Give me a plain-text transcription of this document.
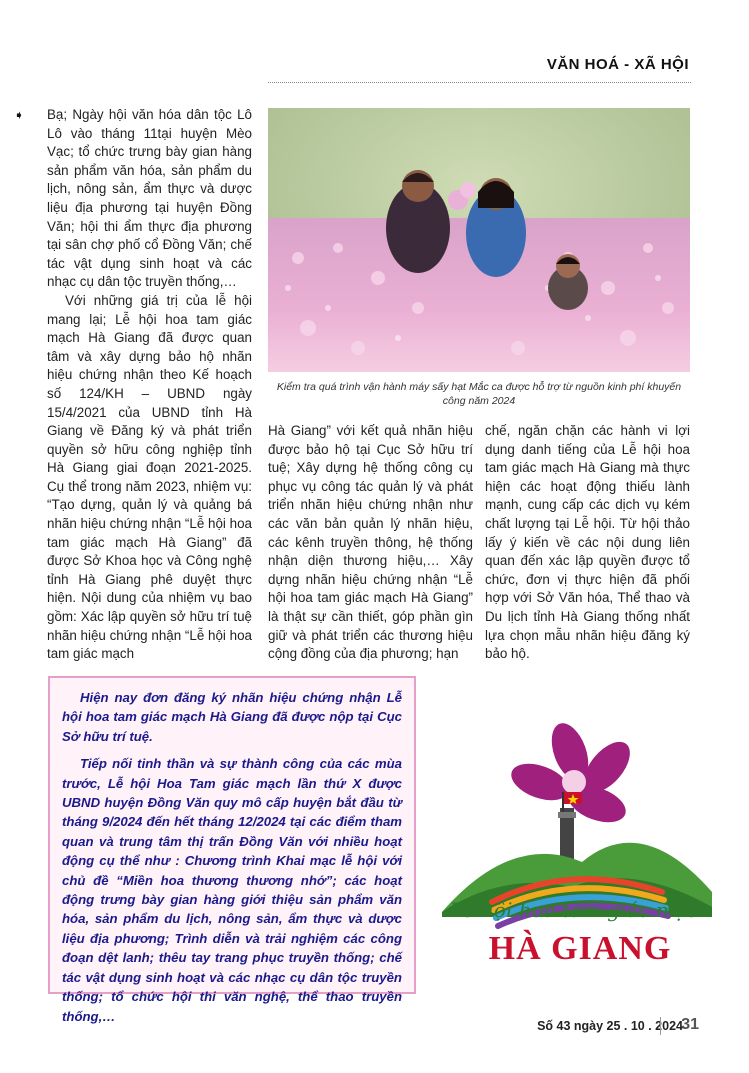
VĂN HOÁ - XÃ HỘI
➧ Bạ; Ngày hội văn hóa dân tộc Lô Lô vào tháng 11tại huyện Mèo Vạc; tổ chức trưng bày gian hàng sản phẩm văn hóa, sản phẩm du lịch, nông sản, ẩm thực và dược liệu địa phương tại huyện Đồng Văn; hội thi ẩm thực địa phương tại sân chợ phố cổ Đồng Văn; chế tác vật dụng sinh hoạt và các nhạc cụ dân tộc truyền thống,…

Với những giá trị của lễ hội mang lại; Lễ hội hoa tam giác mạch Hà Giang đã được quan tâm và xây dựng bảo hộ nhãn hiệu chứng nhận theo Kế hoạch số 124/KH – UBND ngày 15/4/2021 của UBND tỉnh Hà Giang về Đăng ký và phát triển quyền sở hữu công nghiệp tỉnh Hà Giang giai đoạn 2021-2025. Cụ thể trong năm 2023, nhiệm vụ: “Tạo dựng, quản lý và quảng bá nhãn hiệu chứng nhận “Lễ hội hoa tam giác mạch Hà Giang” đã được Sở Khoa học và Công nghệ tỉnh Hà Giang phê duyệt thực hiện. Nội dung của nhiệm vụ bao gồm: Xác lập quyền sở hữu trí tuệ nhãn hiệu chứng nhận “Lễ hội hoa tam giác mạch

Kiểm tra quá trình vận hành máy sấy hạt Mắc ca được hỗ trợ từ nguồn kinh phí khuyến công năm 2024

Hà Giang” với kết quả nhãn hiệu được bảo hộ tại Cục Sở hữu trí tuệ; Xây dựng hệ thống công cụ phục vụ công tác quản lý và phát triển nhãn hiệu chứng nhận như các văn bản quản lý nhãn hiệu, các kênh truyền thông, hệ thống nhận diện thương hiệu,… Xây dựng nhãn hiệu chứng nhận “Lễ hội hoa tam giác mạch Hà Giang” là thật sự cần thiết, góp phần gìn giữ và phát triển các thương hiệu cộng đồng của địa phương; hạn

chế, ngăn chặn các hành vi lợi dụng danh tiếng của Lễ hội hoa tam giác mạch Hà Giang mà thực hiện các hoạt động thiếu lành mạnh, cung cấp các dịch vụ kém chất lượng tại Lễ hội. Từ hội thảo lấy ý kiến về các nội dung liên quan đến xác lập quyền được tổ chức, đơn vị thực hiện đã phối hợp với Sở Văn hóa, Thể thao và Du lịch tỉnh Hà Giang thống nhất lựa chọn mẫu nhãn hiệu đăng ký bảo hộ.

Hiện nay đơn đăng ký nhãn hiệu chứng nhận Lễ hội hoa tam giác mạch Hà Giang đã được nộp tại Cục Sở hữu trí tuệ.

Tiếp nối tinh thần và sự thành công của các mùa trước, Lễ hội Hoa Tam giác mạch lần thứ X được UBND huyện Đồng Văn quy mô cấp huyện bắt đầu từ tháng 9/2024 đến hết tháng 12/2024 tại các điểm tham quan và trung tâm thị trấn Đồng Văn với nhiều hoạt động cụ thể như : Chương trình Khai mạc lễ hội với chủ đề “Miền hoa thương thương nhớ”; các hoạt động trưng bày gian hàng giới thiệu sản phẩm văn hóa, sản phẩm du lịch, nông sản, ẩm thực và dược liệu địa phương; Trình diễn và trải nghiệm các công đoạn dệt lanh; thêu tay trang phục truyền thống; chế tác vật dụng sinh hoạt và các nhạc cụ dân tộc truyền thống; tổ chức hội thi văn nghệ, thể thao truyền thống,…

Lễ hội hoa tam giác mạch
HÀ GIANG
Số 43 ngày 25 . 10 . 2024
31
